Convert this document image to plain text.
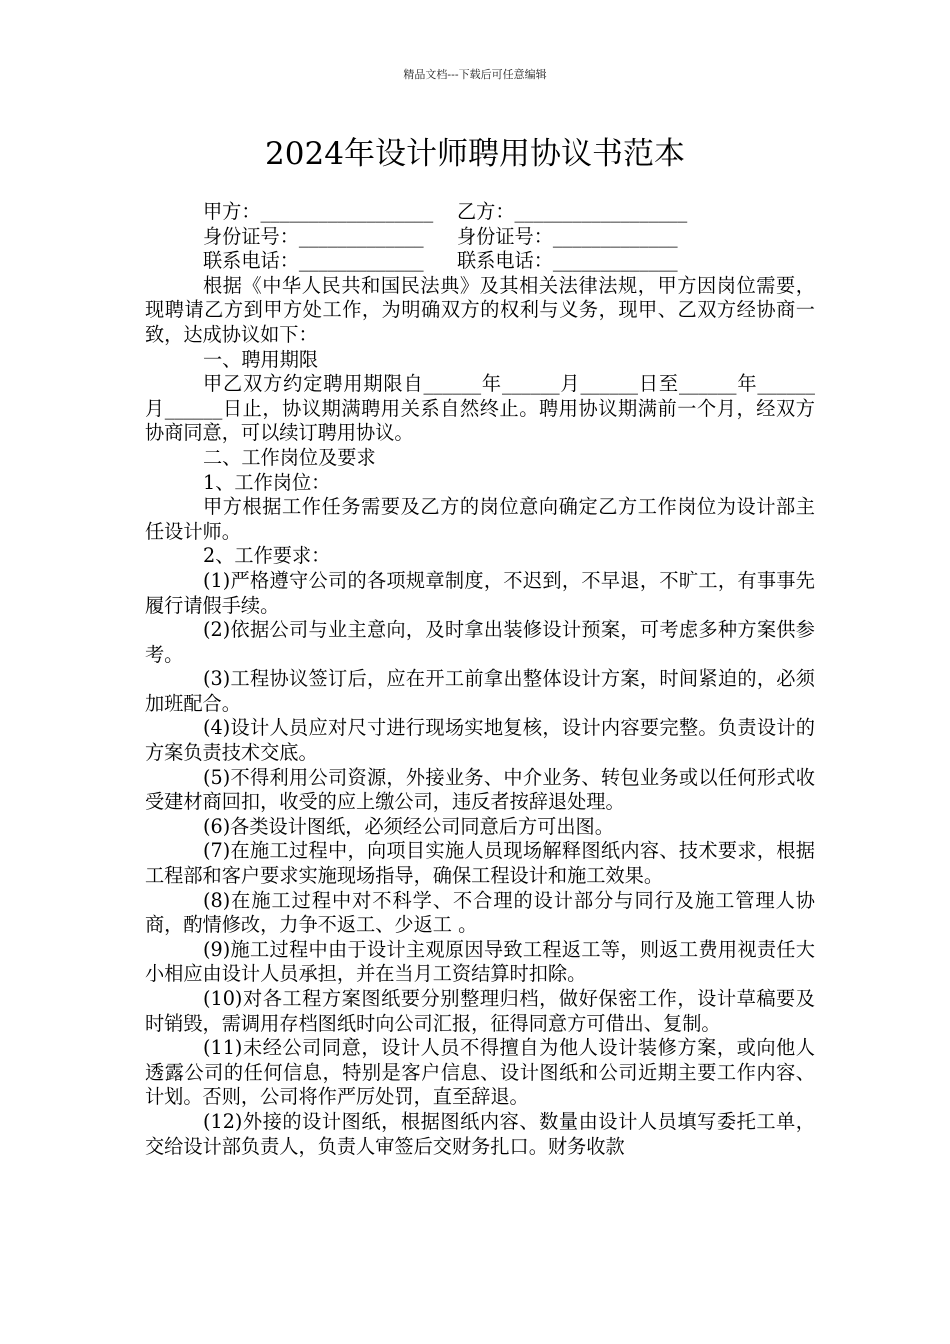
精品文档---下载后可任意编辑
2024年设计师聘用协议书范本
甲方：__________________ 乙方：__________________
身份证号：_____________ 身份证号：_____________
联系电话：_____________ 联系电话：_____________

根据《中华人民共和国民法典》及其相关法律法规，甲方因岗位需要，现聘请乙方到甲方处工作，为明确双方的权利与义务，现甲、乙双方经协商一致，达成协议如下：

一、聘用期限

甲乙双方约定聘用期限自______年______月______日至______年______月______日止，协议期满聘用关系自然终止。聘用协议期满前一个月，经双方协商同意，可以续订聘用协议。

二、工作岗位及要求

1、工作岗位：

甲方根据工作任务需要及乙方的岗位意向确定乙方工作岗位为设计部主任设计师。

2、工作要求：

(1)严格遵守公司的各项规章制度，不迟到，不早退，不旷工，有事事先履行请假手续。

(2)依据公司与业主意向，及时拿出装修设计预案，可考虑多种方案供参考。

(3)工程协议签订后，应在开工前拿出整体设计方案，时间紧迫的，必须加班配合。

(4)设计人员应对尺寸进行现场实地复核，设计内容要完整。负责设计的方案负责技术交底。

(5)不得利用公司资源，外接业务、中介业务、转包业务或以任何形式收受建材商回扣，收受的应上缴公司，违反者按辞退处理。

(6)各类设计图纸，必须经公司同意后方可出图。

(7)在施工过程中，向项目实施人员现场解释图纸内容、技术要求，根据工程部和客户要求实施现场指导，确保工程设计和施工效果。

(8)在施工过程中对不科学、不合理的设计部分与同行及施工管理人协商，酌情修改，力争不返工、少返工 。

(9)施工过程中由于设计主观原因导致工程返工等，则返工费用视责任大小相应由设计人员承担，并在当月工资结算时扣除。

(10)对各工程方案图纸要分别整理归档，做好保密工作，设计草稿要及时销毁，需调用存档图纸时向公司汇报，征得同意方可借出、复制。

(11)未经公司同意，设计人员不得擅自为他人设计装修方案，或向他人透露公司的任何信息，特别是客户信息、设计图纸和公司近期主要工作内容、计划。否则，公司将作严厉处罚，直至辞退。

(12)外接的设计图纸，根据图纸内容、数量由设计人员填写委托工单，交给设计部负责人，负责人审签后交财务扎口。财务收款
